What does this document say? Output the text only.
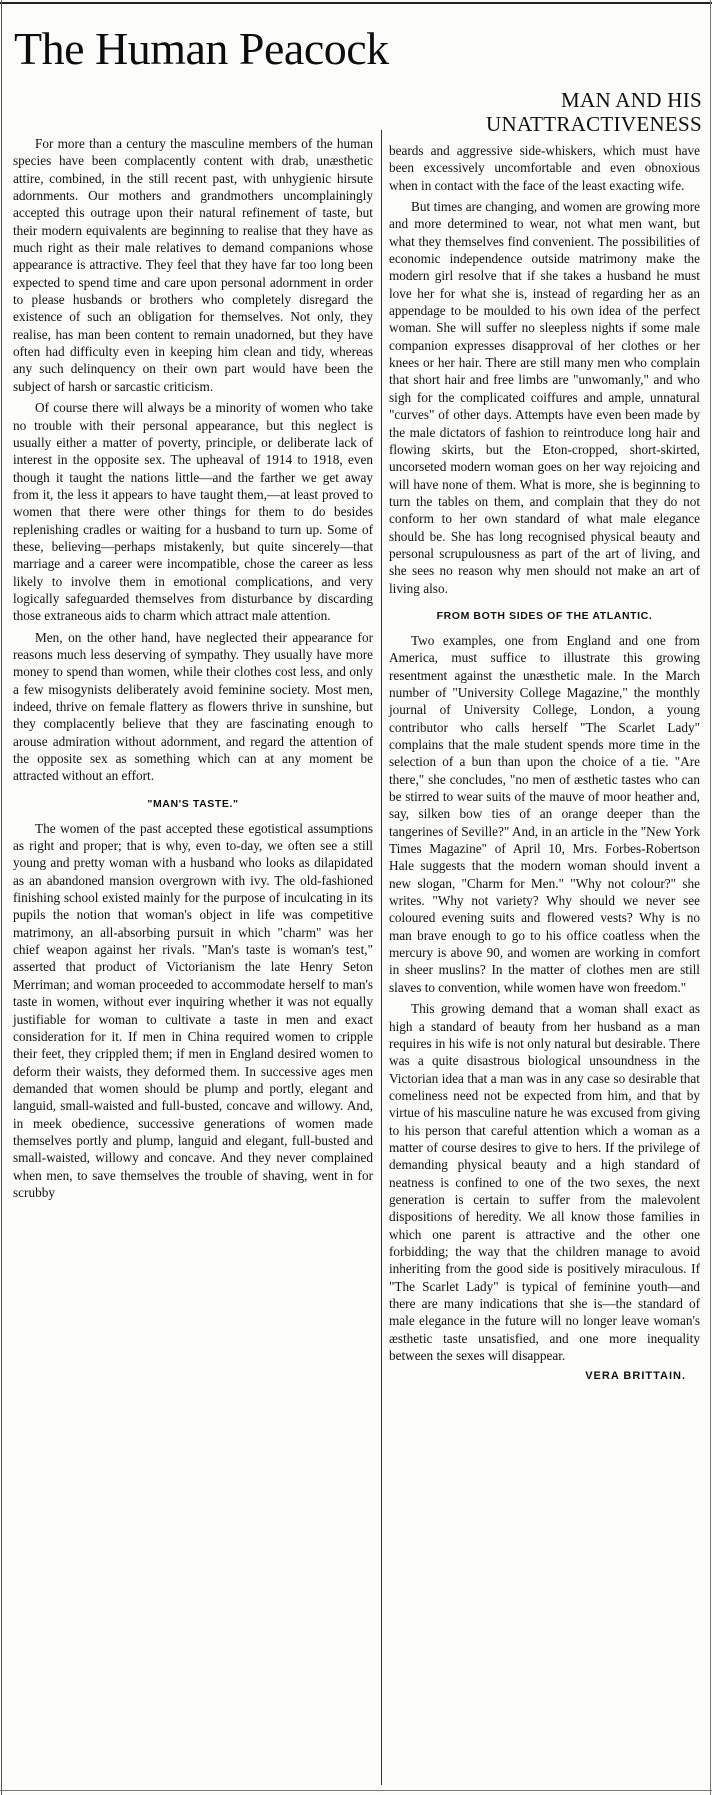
The Human Peacock
MAN AND HIS UNATTRACTIVENESS

For more than a century the masculine members of the human species have been complacently content with drab, unæsthetic attire, combined, in the still recent past, with unhygienic hirsute adornments. Our mothers and grandmothers uncomplainingly accepted this outrage upon their natural refinement of taste, but their modern equivalents are beginning to realise that they have as much right as their male relatives to demand companions whose appearance is attractive. They feel that they have far too long been expected to spend time and care upon personal adornment in order to please husbands or brothers who completely disregard the existence of such an obligation for themselves. Not only, they realise, has man been content to remain unadorned, but they have often had difficulty even in keeping him clean and tidy, whereas any such delinquency on their own part would have been the subject of harsh or sarcastic criticism.

Of course there will always be a minority of women who take no trouble with their personal appearance, but this neglect is usually either a matter of poverty, principle, or deliberate lack of interest in the opposite sex. The upheaval of 1914 to 1918, even though it taught the nations little—and the farther we get away from it, the less it appears to have taught them,—at least proved to women that there were other things for them to do besides replenishing cradles or waiting for a husband to turn up. Some of these, believing—perhaps mistakenly, but quite sincerely—that marriage and a career were incompatible, chose the career as less likely to involve them in emotional complications, and very logically safeguarded themselves from disturbance by discarding those extraneous aids to charm which attract male attention.

Men, on the other hand, have neglected their appearance for reasons much less deserving of sympathy. They usually have more money to spend than women, while their clothes cost less, and only a few misogynists deliberately avoid feminine society. Most men, indeed, thrive on female flattery as flowers thrive in sunshine, but they complacently believe that they are fascinating enough to arouse admiration without adornment, and regard the attention of the opposite sex as something which can at any moment be attracted without an effort.

"MAN'S TASTE."

The women of the past accepted these egotistical assumptions as right and proper; that is why, even to-day, we often see a still young and pretty woman with a husband who looks as dilapidated as an abandoned mansion overgrown with ivy. The old-fashioned finishing school existed mainly for the purpose of inculcating in its pupils the notion that woman's object in life was competitive matrimony, an all-absorbing pursuit in which "charm" was her chief weapon against her rivals. "Man's taste is woman's test," asserted that product of Victorianism the late Henry Seton Merriman; and woman proceeded to accommodate herself to man's taste in women, without ever inquiring whether it was not equally justifiable for woman to cultivate a taste in men and exact consideration for it. If men in China required women to cripple their feet, they crippled them; if men in England desired women to deform their waists, they deformed them. In successive ages men demanded that women should be plump and portly, elegant and languid, small-waisted and full-busted, concave and willowy. And, in meek obedience, successive generations of women made themselves portly and plump, languid and elegant, full-busted and small-waisted, willowy and concave. And they never complained when men, to save themselves the trouble of shaving, went in for scrubby

beards and aggressive side-whiskers, which must have been excessively uncomfortable and even obnoxious when in contact with the face of the least exacting wife.

But times are changing, and women are growing more and more determined to wear, not what men want, but what they themselves find convenient. The possibilities of economic independence outside matrimony make the modern girl resolve that if she takes a husband he must love her for what she is, instead of regarding her as an appendage to be moulded to his own idea of the perfect woman. She will suffer no sleepless nights if some male companion expresses disapproval of her clothes or her knees or her hair. There are still many men who complain that short hair and free limbs are "unwomanly," and who sigh for the complicated coiffures and ample, unnatural "curves" of other days. Attempts have even been made by the male dictators of fashion to reintroduce long hair and flowing skirts, but the Eton-cropped, short-skirted, uncorseted modern woman goes on her way rejoicing and will have none of them. What is more, she is beginning to turn the tables on them, and complain that they do not conform to her own standard of what male elegance should be. She has long recognised physical beauty and personal scrupulousness as part of the art of living, and she sees no reason why men should not make an art of living also.

FROM BOTH SIDES OF THE ATLANTIC.

Two examples, one from England and one from America, must suffice to illustrate this growing resentment against the unæsthetic male. In the March number of "University College Magazine," the monthly journal of University College, London, a young contributor who calls herself "The Scarlet Lady" complains that the male student spends more time in the selection of a bun than upon the choice of a tie. "Are there," she concludes, "no men of æsthetic tastes who can be stirred to wear suits of the mauve of moor heather and, say, silken bow ties of an orange deeper than the tangerines of Seville?" And, in an article in the "New York Times Magazine" of April 10, Mrs. Forbes-Robertson Hale suggests that the modern woman should invent a new slogan, "Charm for Men." "Why not colour?" she writes. "Why not variety? Why should we never see coloured evening suits and flowered vests? Why is no man brave enough to go to his office coatless when the mercury is above 90, and women are working in comfort in sheer muslins? In the matter of clothes men are still slaves to convention, while women have won freedom."

This growing demand that a woman shall exact as high a standard of beauty from her husband as a man requires in his wife is not only natural but desirable. There was a quite disastrous biological unsoundness in the Victorian idea that a man was in any case so desirable that comeliness need not be expected from him, and that by virtue of his masculine nature he was excused from giving to his person that careful attention which a woman as a matter of course desires to give to hers. If the privilege of demanding physical beauty and a high standard of neatness is confined to one of the two sexes, the next generation is certain to suffer from the malevolent dispositions of heredity. We all know those families in which one parent is attractive and the other one forbidding; the way that the children manage to avoid inheriting from the good side is positively miraculous. If "The Scarlet Lady" is typical of feminine youth—and there are many indications that she is—the standard of male elegance in the future will no longer leave woman's æsthetic taste unsatisfied, and one more inequality between the sexes will disappear.

VERA BRITTAIN.
